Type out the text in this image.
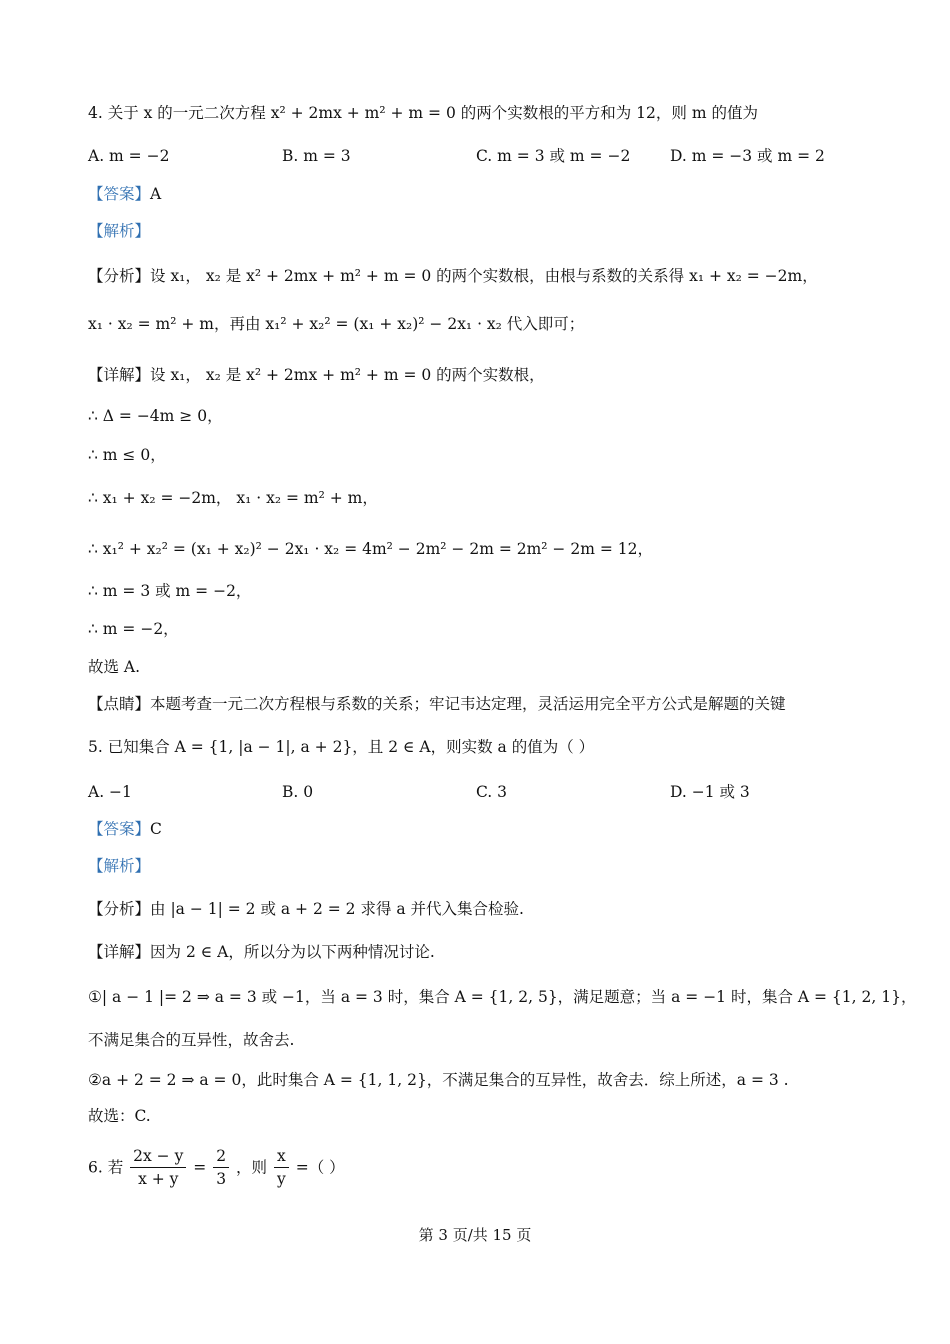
4. 关于 x 的一元二次方程 x² + 2mx + m² + m = 0 的两个实数根的平方和为 12，则 m 的值为
A. m = −2	B. m = 3	C. m = 3 或 m = −2	D. m = −3 或 m = 2
【答案】A
【解析】
【分析】设 x₁， x₂ 是 x² + 2mx + m² + m = 0 的两个实数根，由根与系数的关系得 x₁ + x₂ = −2m，
x₁ · x₂ = m² + m，再由 x₁² + x₂² = (x₁ + x₂)² − 2x₁ · x₂ 代入即可；
【详解】设 x₁， x₂ 是 x² + 2mx + m² + m = 0 的两个实数根，
∴ Δ = −4m ≥ 0，
∴ m ≤ 0，
∴ x₁ + x₂ = −2m， x₁ · x₂ = m² + m，
∴ x₁² + x₂² = (x₁ + x₂)² − 2x₁ · x₂ = 4m² − 2m² − 2m = 2m² − 2m = 12，
∴ m = 3 或 m = −2，
∴ m = −2，
故选 A.
【点睛】本题考查一元二次方程根与系数的关系；牢记韦达定理，灵活运用完全平方公式是解题的关键
5. 已知集合 A = {1, |a − 1|, a + 2}，且 2 ∈ A，则实数 a 的值为（ ）
A. −1	B. 0	C. 3	D. −1 或 3
【答案】C
【解析】
【分析】由 |a − 1| = 2 或 a + 2 = 2 求得 a 并代入集合检验.
【详解】因为 2 ∈ A，所以分为以下两种情况讨论.
①| a − 1 |= 2 ⇒ a = 3 或 −1，当 a = 3 时，集合 A = {1, 2, 5}，满足题意；当 a = −1 时，集合 A = {1, 2, 1}，
不满足集合的互异性，故舍去.
②a + 2 = 2 ⇒ a = 0，此时集合 A = {1, 1, 2}，不满足集合的互异性，故舍去．综上所述，a = 3 .
故选：C.
6. 若 $\frac{2x - y}{x + y} = \frac{2}{3}$ ，则 $\frac{x}{y}$ =（ ）
第 3 页/共 15 页
